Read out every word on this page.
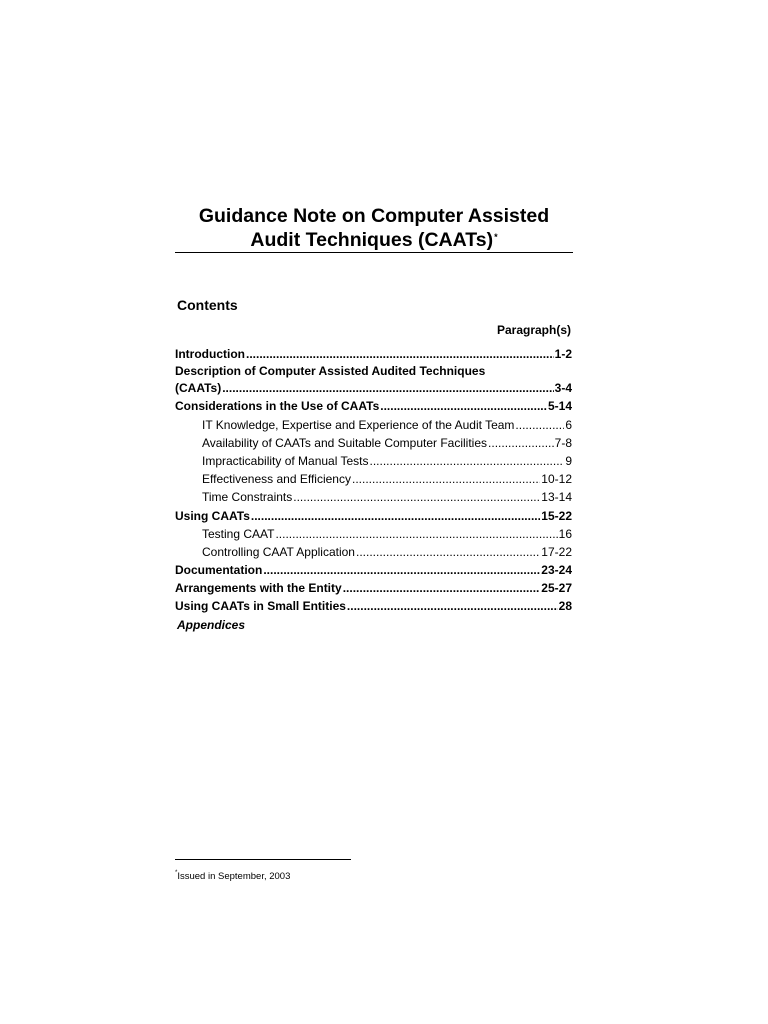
Guidance Note on Computer Assisted
Audit Techniques (CAATs)*
Contents
Paragraph(s)
Introduction .....	1-2
Description of Computer Assisted Audited Techniques
(CAATs) .....	3-4
Considerations in the Use of CAATs .....	5-14
IT Knowledge, Expertise and Experience of the Audit Team .....	6
Availability of CAATs and Suitable Computer Facilities .....	7-8
Impracticability of Manual Tests .....	9
Effectiveness and Efficiency .....	10-12
Time Constraints .....	13-14
Using CAATs .....	15-22
Testing CAAT .....	16
Controlling CAAT Application .....	17-22
Documentation .....	23-24
Arrangements with the Entity .....	25-27
Using CAATs in Small Entities .....	28
Appendices
*Issued in September, 2003
